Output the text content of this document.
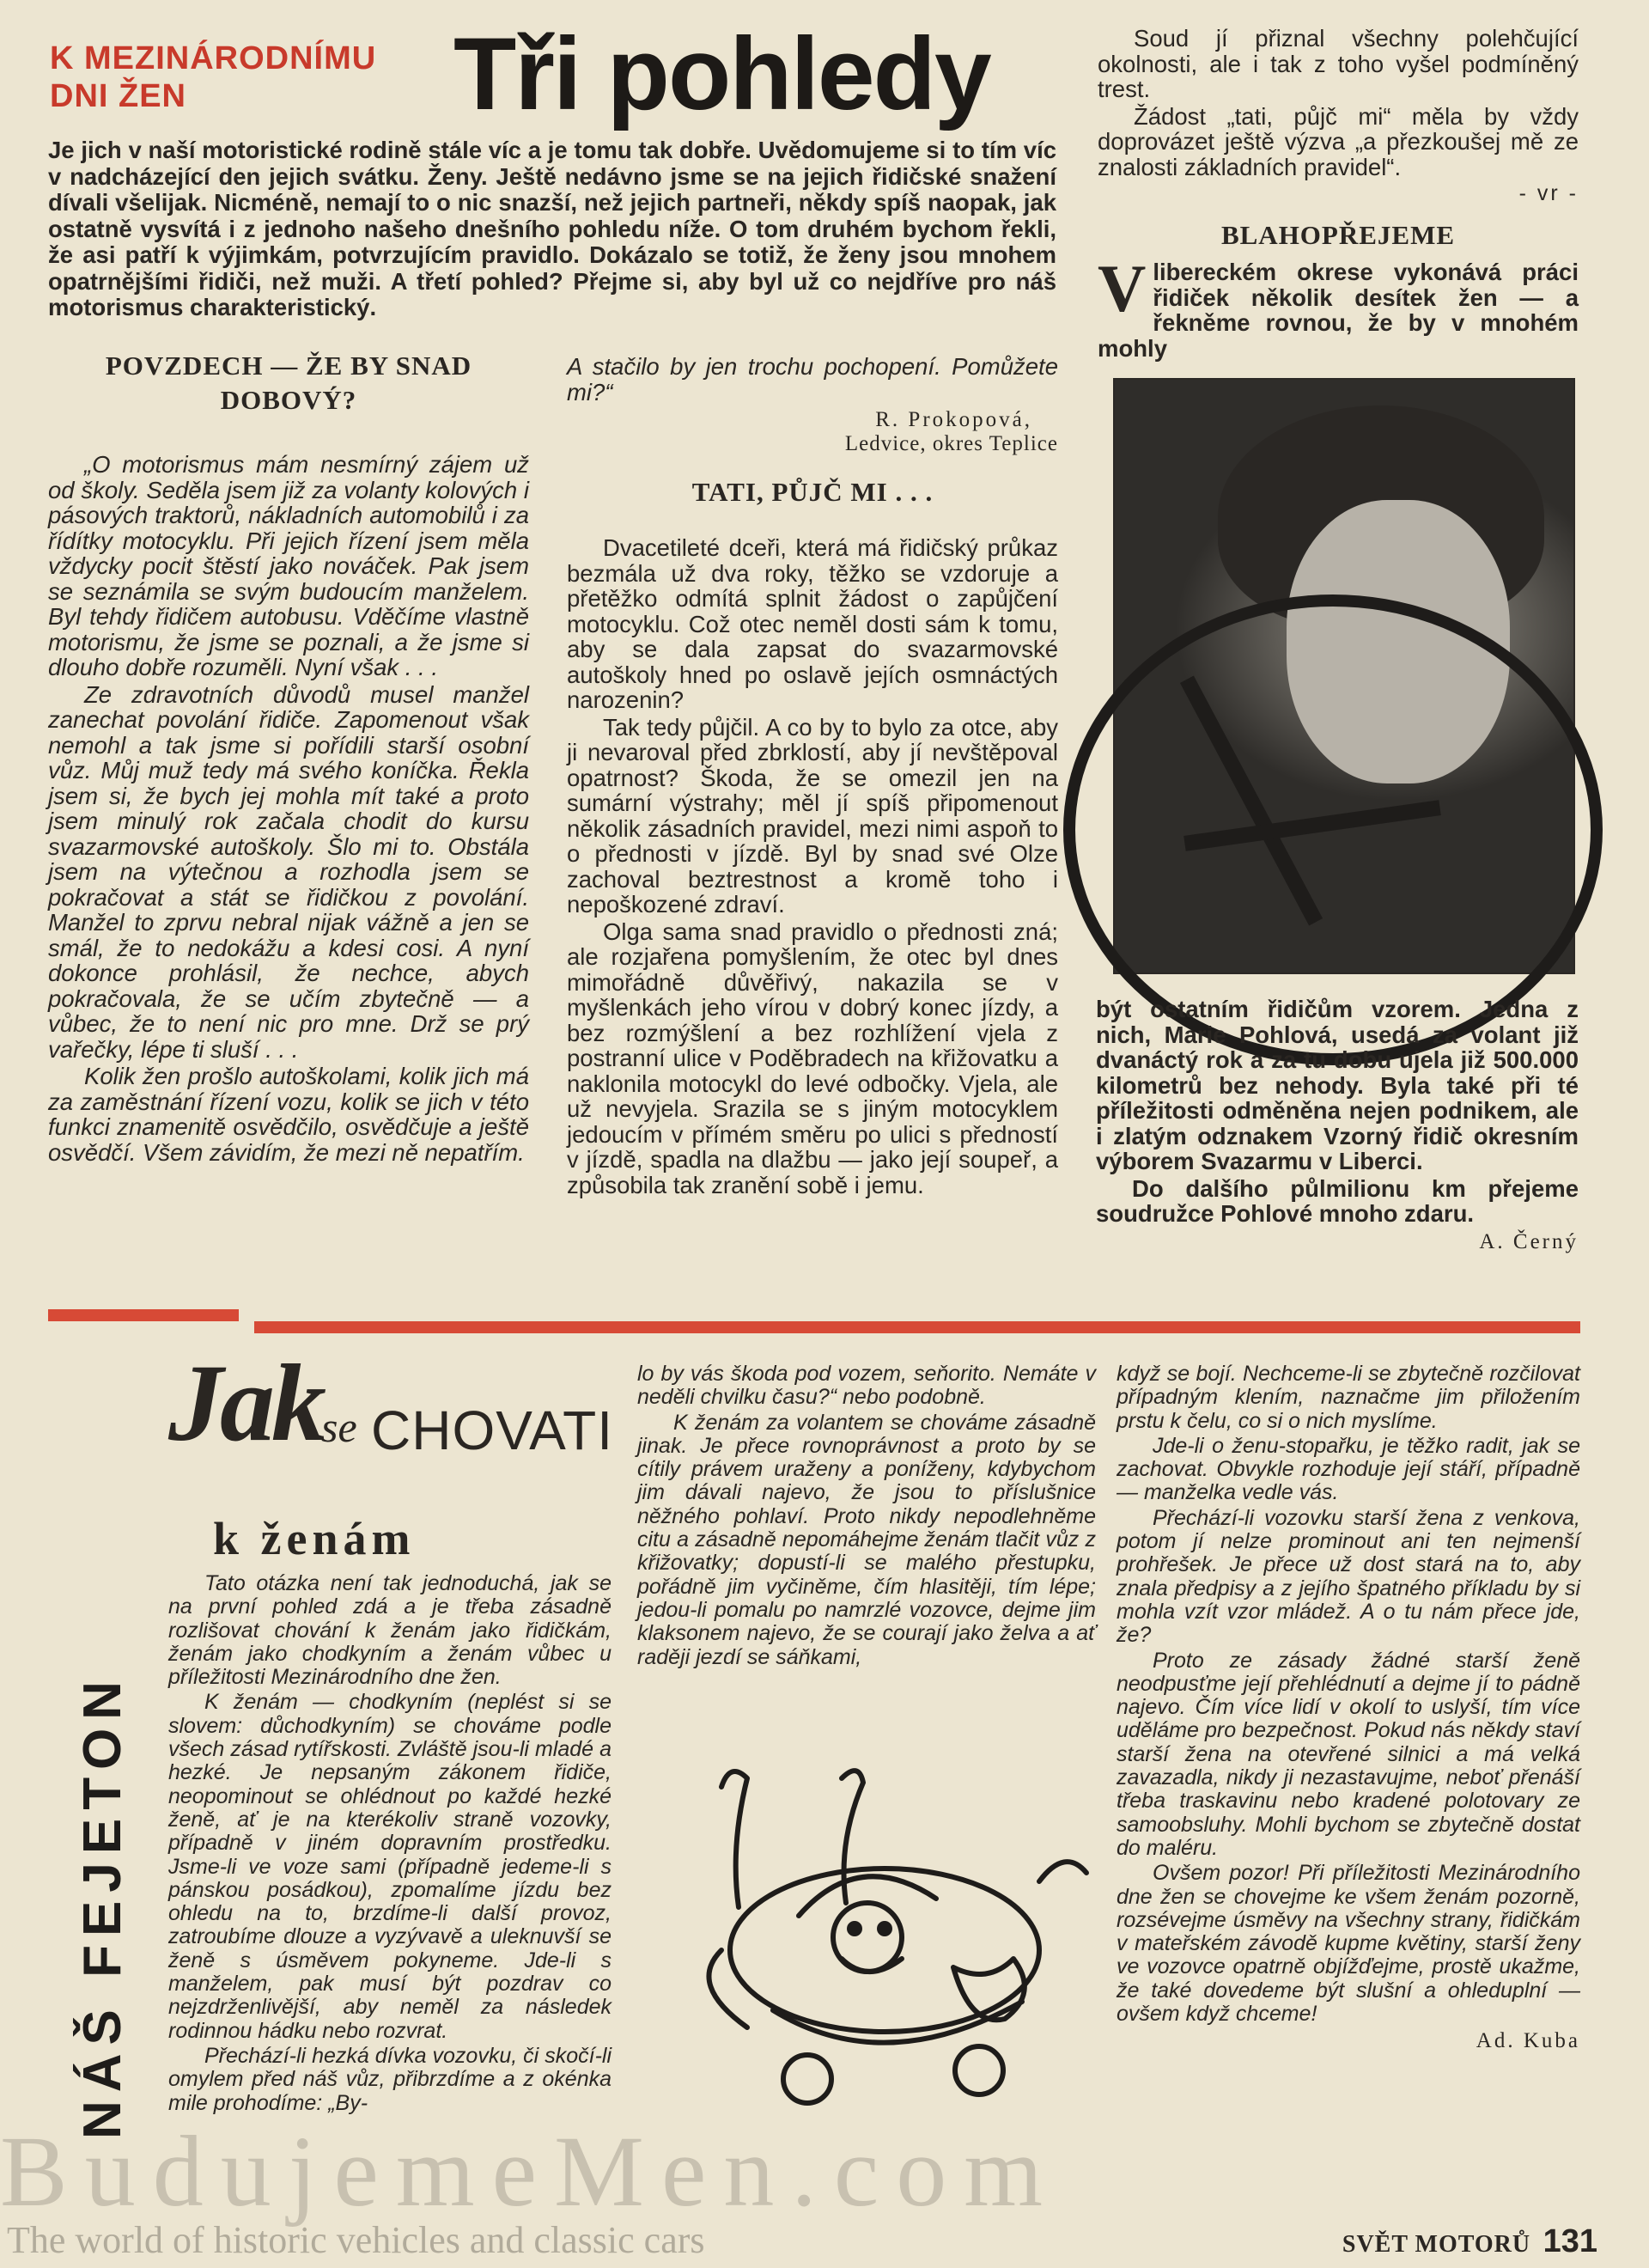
K MEZINÁRODNÍMU
DNI ŽEN	Tři pohledy

Je jich v naší motoristické rodině stále víc a je tomu tak dobře. Uvědomujeme si to tím víc v nadcházející den jejich svátku. Ženy. Ještě nedávno jsme se na jejich řidičské snažení dívali všelijak. Nicméně, nemají to o nic snazší, než jejich partneři, někdy spíš naopak, jak ostatně vysvítá i z jednoho našeho dnešního pohledu níže. O tom druhém bychom řekli, že asi patří k výjimkám, potvrzujícím pravidlo. Dokázalo se totiž, že ženy jsou mnohem opatrnějšími řidiči, než muži. A třetí pohled? Přejme si, aby byl už co nejdříve pro náš motorismus charakteristický.

POVZDECH — ŽE BY SNAD DOBOVÝ?

„O motorismus mám nesmírný zájem už od školy. Seděla jsem již za volanty kolových i pásových traktorů, nákladních automobilů i za řídítky motocyklu. Při jejich řízení jsem měla vždycky pocit štěstí jako nováček. Pak jsem se seznámila se svým budoucím manželem. Byl tehdy řidičem autobusu. Vděčíme vlastně motorismu, že jsme se poznali, a že jsme si dlouho dobře rozuměli. Nyní však . . .

Ze zdravotních důvodů musel manžel zanechat povolání řidiče. Zapomenout však nemohl a tak jsme si pořídili starší osobní vůz. Můj muž tedy má svého koníčka. Řekla jsem si, že bych jej mohla mít také a proto jsem minulý rok začala chodit do kursu svazarmovské autoškoly. Šlo mi to. Obstála jsem na výtečnou a rozhodla jsem se pokračovat a stát se řidičkou z povolání. Manžel to zprvu nebral nijak vážně a jen se smál, že to nedokážu a kdesi cosi. A nyní dokonce prohlásil, že nechce, abych pokračovala, že se učím zbytečně — a vůbec, že to není nic pro mne. Drž se prý vařečky, lépe ti sluší . . .

Kolik žen prošlo autoškolami, kolik jich má za zaměstnání řízení vozu, kolik se jich v této funkci znamenitě osvědčilo, osvědčuje a ještě osvědčí. Všem závidím, že mezi ně nepatřím.

A stačilo by jen trochu pochopení. Pomůžete mi?“

R. Prokopová,
Ledvice, okres Teplice
TATI, PŮJČ MI . . .

Dvacetileté dceři, která má řidičský průkaz bezmála už dva roky, těžko se vzdoruje a přetěžko odmítá splnit žádost o zapůjčení motocyklu. Což otec neměl dosti sám k tomu, aby se dala zapsat do svazarmovské autoškoly hned po oslavě jejích osmnáctých narozenin?

Tak tedy půjčil. A co by to bylo za otce, aby ji nevaroval před zbrklostí, aby jí nevštěpoval opatrnost? Škoda, že se omezil jen na sumární výstrahy; měl jí spíš připomenout několik zásadních pravidel, mezi nimi aspoň to o přednosti v jízdě. Byl by snad své Olze zachoval beztrestnost a kromě toho i nepoškozené zdraví.

Olga sama snad pravidlo o přednosti zná; ale rozjařena pomyšlením, že otec byl dnes mimořádně důvěřivý, nakazila se v myšlenkách jeho vírou v dobrý konec jízdy, a bez rozmýšlení a bez rozhlížení vjela z postranní ulice v Poděbradech na křižovatku a naklonila motocykl do levé odbočky. Vjela, ale už nevyjela. Srazila se s jiným motocyklem jedoucím v přímém směru po ulici s předností v jízdě, spadla na dlažbu — jako její soupeř, a způsobila tak zranění sobě i jemu.

Soud jí přiznal všechny polehčující okolnosti, ale i tak z toho vyšel podmíněný trest.

Žádost „tati, půjč mi“ měla by vždy doprovázet ještě výzva „a přezkoušej mě ze znalosti základních pravidel“.

- vr -
BLAHOPŘEJEME
V libereckém okrese vykonává práci řidiček několik desítek žen — a řekněme rovnou, že by v mnohém mohly

být ostatním řidičům vzorem. Jedna z nich, Marie Pohlová, usedá za volant již dvanáctý rok a za tu dobu ujela již 500.000 kilometrů bez nehody. Byla také při té příležitosti odměněna nejen podnikem, ale i zlatým odznakem Vzorný řidič okresním výborem Svazarmu v Liberci.

Do dalšího půlmilionu km přejeme soudružce Pohlové mnoho zdaru.

A. Černý
NÁŠ FEJETON
Jak
se CHOVATI
k ženám

Tato otázka není tak jednoduchá, jak se na první pohled zdá a je třeba zásadně rozlišovat chování k ženám jako řidičkám, ženám jako chodkyním a ženám vůbec u příležitosti Mezinárodního dne žen.

K ženám — chodkyním (neplést si se slovem: důchodkyním) se chováme podle všech zásad rytířskosti. Zvláště jsou-li mladé a hezké. Je nepsaným zákonem řidiče, neopominout se ohlédnout po každé hezké ženě, ať je na kterékoliv straně vozovky, případně v jiném dopravním prostředku. Jsme-li ve voze sami (případně jedeme-li s pánskou posádkou), zpomalíme jízdu bez ohledu na to, brzdíme-li další provoz, zatroubíme dlouze a vyzývavě a uleknuvší se ženě s úsměvem pokyneme. Jde-li s manželem, pak musí být pozdrav co nejzdrženlivější, aby neměl za následek rodinnou hádku nebo rozvrat.

Přechází-li hezká dívka vozovku, či skočí-li omylem před náš vůz, přibrzdíme a z okénka mile prohodíme: „By-

lo by vás škoda pod vozem, seňorito. Nemáte v neděli chvilku času?“ nebo podobně.

K ženám za volantem se chováme zásadně jinak. Je přece rovnoprávnost a proto by se cítily právem uraženy a poníženy, kdybychom jim dávali najevo, že jsou to příslušnice něžného pohlaví. Proto nikdy nepodlehněme citu a zásadně nepomáhejme ženám tlačit vůz z křižovatky; dopustí-li se malého přestupku, pořádně jim vyčiněme, čím hlasitěji, tím lépe; jedou-li pomalu po namrzlé vozovce, dejme jim klaksonem najevo, že se courají jako želva a ať raději jezdí se sáňkami,

když se bojí. Nechceme-li se zbytečně rozčilovat případným klením, naznačme jim přiložením prstu k čelu, co si o nich myslíme.

Jde-li o ženu-stopařku, je těžko radit, jak se zachovat. Obvykle rozhoduje její stáří, případně — manželka vedle vás.

Přechází-li vozovku starší žena z venkova, potom jí nelze prominout ani ten nejmenší prohřešek. Je přece už dost stará na to, aby znala předpisy a z jejího špatného příkladu by si mohla vzít vzor mládež. A o tu nám přece jde, že?

Proto ze zásady žádné starší ženě neodpusťme její přehlédnutí a dejme jí to pádně najevo. Čím více lidí v okolí to uslyší, tím více uděláme pro bezpečnost. Pokud nás někdy staví starší žena na otevřené silnici a má velká zavazadla, nikdy ji nezastavujme, neboť přenáší třeba traskavinu nebo kradené polotovary ze samoobsluhy. Mohli bychom se zbytečně dostat do maléru.

Ovšem pozor! Při příležitosti Mezinárodního dne žen se chovejme ke všem ženám pozorně, rozsévejme úsměvy na všechny strany, řidičkám v mateřském závodě kupme květiny, starší ženy ve vozovce opatrně objížďejme, prostě ukažme, že také dovedeme být slušní a ohleduplní — ovšem když chceme!

Ad. Kuba
BudujemeMen.com
The world of historic vehicles and classic cars	SVĚT MOTORŮ 131
